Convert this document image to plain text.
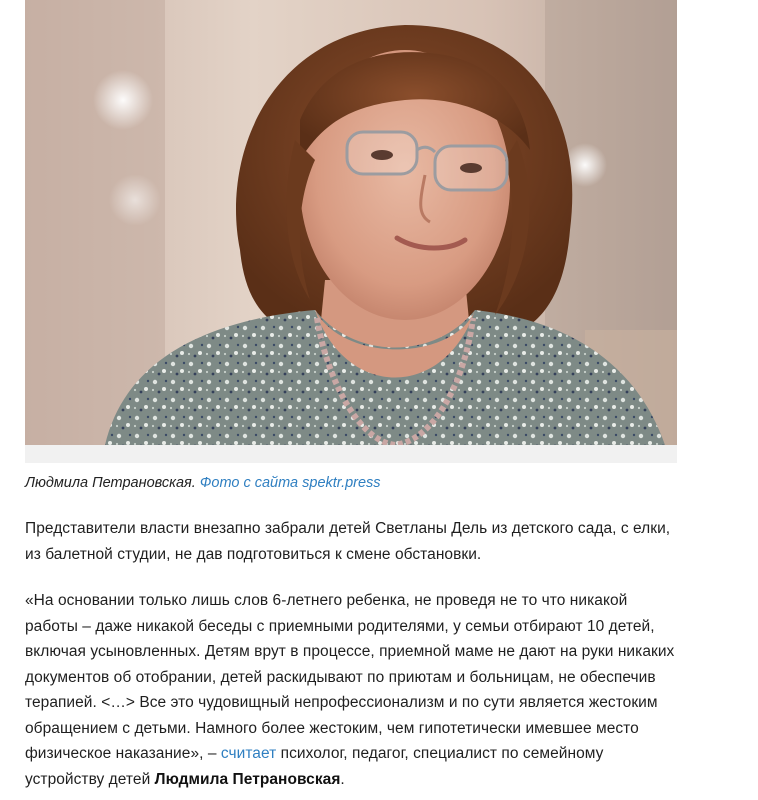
Людмила Петрановская. Фото с сайта spektr.press

Представители власти внезапно забрали детей Светланы Дель из детского сада, с елки, из балетной студии, не дав подготовиться к смене обстановки.

«На основании только лишь слов 6-летнего ребенка, не проведя не то что никакой работы – даже никакой беседы с приемными родителями, у семьи отбирают 10 детей, включая усыновленных. Детям врут в процессе, приемной маме не дают на руки никаких документов об отобрании, детей раскидывают по приютам и больницам, не обеспечив терапией. <…> Все это чудовищный непрофессионализм и по сути является жестоким обращением с детьми. Намного более жестоким, чем гипотетически имевшее место физическое наказание», – считает психолог, педагог, специалист по семейному устройству детей Людмила Петрановская.
